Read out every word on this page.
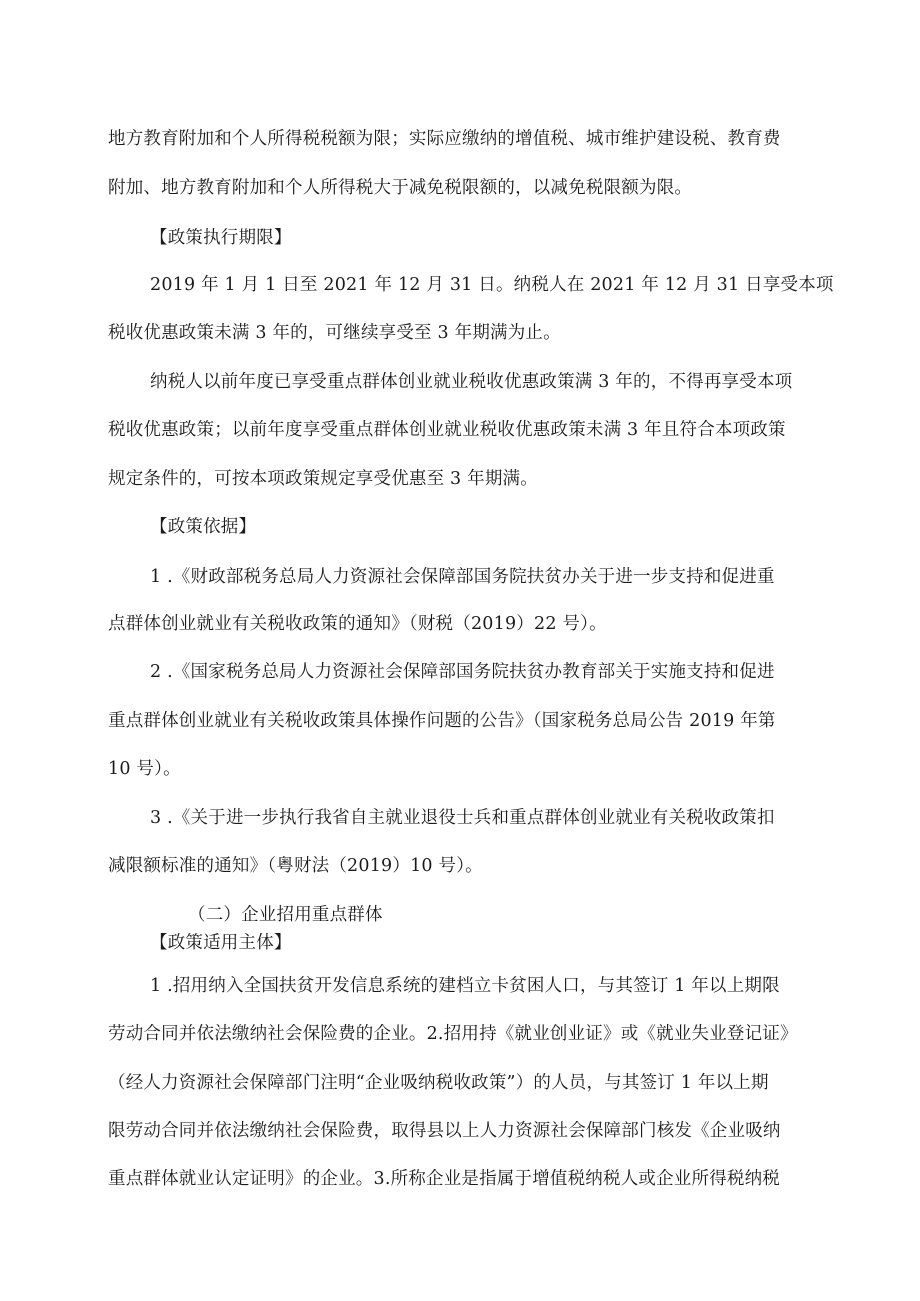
地方教育附加和个人所得税税额为限；实际应缴纳的增值税、城市维护建设税、教育费
附加、地方教育附加和个人所得税大于减免税限额的，以减免税限额为限。
【政策执行期限】
2019 年 1 月 1 日至 2021 年 12 月 31 日。纳税人在 2021 年 12 月 31 日享受本项
税收优惠政策未满 3 年的，可继续享受至 3 年期满为止。
纳税人以前年度已享受重点群体创业就业税收优惠政策满 3 年的，不得再享受本项
税收优惠政策；以前年度享受重点群体创业就业税收优惠政策未满 3 年且符合本项政策
规定条件的，可按本项政策规定享受优惠至 3 年期满。
【政策依据】
1 .《财政部税务总局人力资源社会保障部国务院扶贫办关于进一步支持和促进重
点群体创业就业有关税收政策的通知》（财税（2019）22 号）。
2 .《国家税务总局人力资源社会保障部国务院扶贫办教育部关于实施支持和促进
重点群体创业就业有关税收政策具体操作问题的公告》（国家税务总局公告 2019 年第
10 号）。
3 .《关于进一步执行我省自主就业退役士兵和重点群体创业就业有关税收政策扣
减限额标准的通知》（粤财法（2019）10 号）。
（二）企业招用重点群体
【政策适用主体】
1 .招用纳入全国扶贫开发信息系统的建档立卡贫困人口，与其签订 1 年以上期限
劳动合同并依法缴纳社会保险费的企业。2.招用持《就业创业证》或《就业失业登记证》
（经人力资源社会保障部门注明“企业吸纳税收政策”）的人员，与其签订 1 年以上期
限劳动合同并依法缴纳社会保险费，取得县以上人力资源社会保障部门核发《企业吸纳
重点群体就业认定证明》的企业。3.所称企业是指属于增值税纳税人或企业所得税纳税
